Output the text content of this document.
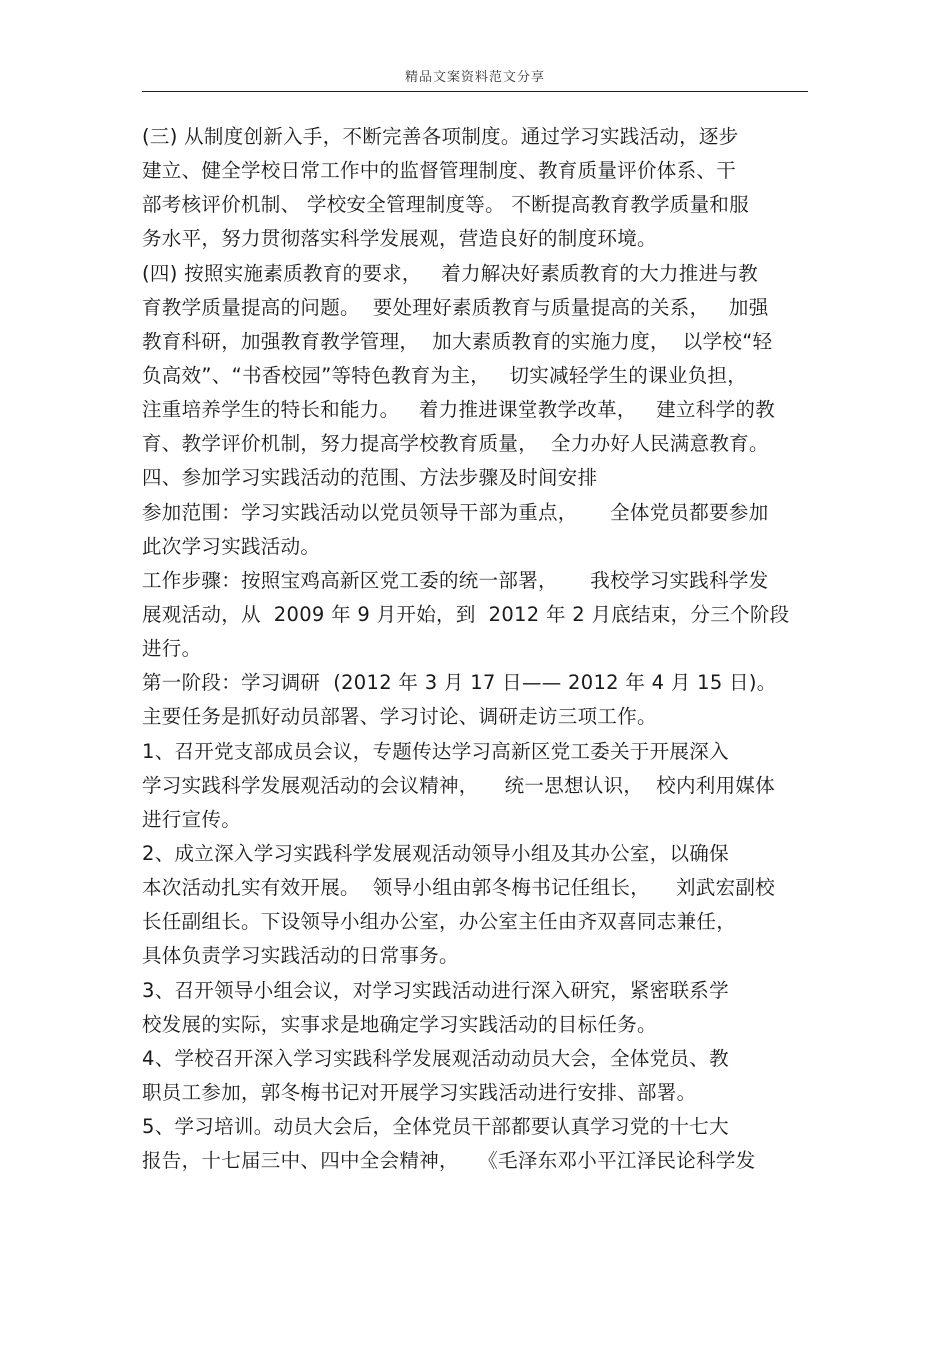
精品文案资料范文分享
(三) 从制度创新入手，不断完善各项制度。通过学习实践活动，逐步
建立、健全学校日常工作中的监督管理制度、教育质量评价体系、干
部考核评价机制、 学校安全管理制度等。 不断提高教育教学质量和服
务水平，努力贯彻落实科学发展观，营造良好的制度环境。
(四) 按照实施素质教育的要求，   着力解决好素质教育的大力推进与教
育教学质量提高的问题。  要处理好素质教育与质量提高的关系，   加强
教育科研，加强教育教学管理，  加大素质教育的实施力度，  以学校“轻
负高效”、“书香校园”等特色教育为主，   切实减轻学生的课业负担，
注重培养学生的特长和能力。   着力推进课堂教学改革，   建立科学的教
育、教学评价机制，努力提高学校教育质量，  全力办好人民满意教育。
四、参加学习实践活动的范围、方法步骤及时间安排
参加范围：学习实践活动以党员领导干部为重点，     全体党员都要参加
此次学习实践活动。
工作步骤：按照宝鸡高新区党工委的统一部署，     我校学习实践科学发
展观活动，从  2009 年 9 月开始，到  2012 年 2 月底结束，分三个阶段
进行。
第一阶段：学习调研  (2012 年 3 月 17 日—— 2012 年 4 月 15 日)。
主要任务是抓好动员部署、学习讨论、调研走访三项工作。
1、召开党支部成员会议，专题传达学习高新区党工委关于开展深入
学习实践科学发展观活动的会议精神，    统一思想认识，  校内利用媒体
进行宣传。
2、成立深入学习实践科学发展观活动领导小组及其办公室，以确保
本次活动扎实有效开展。  领导小组由郭冬梅书记任组长，    刘武宏副校
长任副组长。下设领导小组办公室，办公室主任由齐双喜同志兼任，
具体负责学习实践活动的日常事务。
3、召开领导小组会议，对学习实践活动进行深入研究，紧密联系学
校发展的实际，实事求是地确定学习实践活动的目标任务。
4、学校召开深入学习实践科学发展观活动动员大会，全体党员、教
职员工参加，郭冬梅书记对开展学习实践活动进行安排、部署。
5、学习培训。动员大会后，全体党员干部都要认真学习党的十七大
报告，十七届三中、四中全会精神，   《毛泽东邓小平江泽民论科学发
